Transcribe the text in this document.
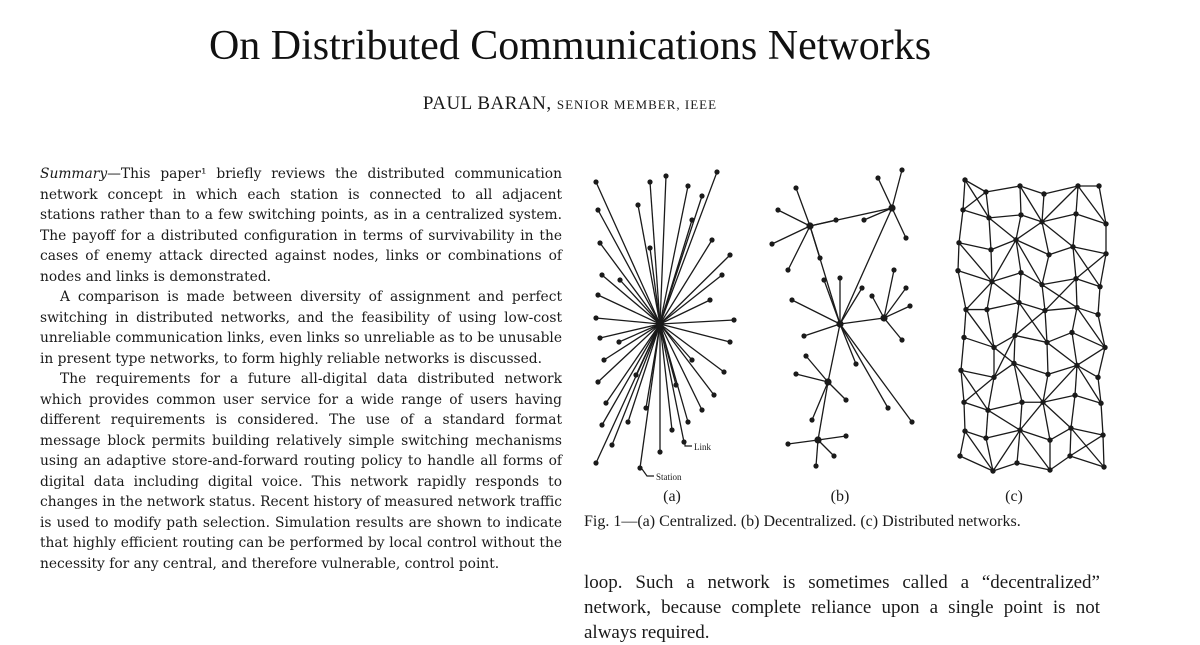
On Distributed Communications Networks
PAUL BARAN, SENIOR MEMBER, IEEE

Summary—This paper¹ briefly reviews the distributed communication network concept in which each station is connected to all adjacent stations rather than to a few switching points, as in a centralized system. The payoff for a distributed configuration in terms of survivability in the cases of enemy attack directed against nodes, links or combinations of nodes and links is demonstrated.

A comparison is made between diversity of assignment and perfect switching in distributed networks, and the feasibility of using low-cost unreliable communication links, even links so unreliable as to be unusable in present type networks, to form highly reliable networks is discussed.

The requirements for a future all-digital data distributed network which provides common user service for a wide range of users having different requirements is considered. The use of a standard format message block permits building relatively simple switching mechanisms using an adaptive store-and-forward routing policy to handle all forms of digital data including digital voice. This network rapidly responds to changes in the network status. Recent history of measured network traffic is used to modify path selection. Simulation results are shown to indicate that highly efficient routing can be performed by local control without the necessity for any central, and therefore vulnerable, control point.

Link
Station
(a)	(b)	(c)
Fig. 1—(a) Centralized. (b) Decentralized. (c) Distributed networks.
loop. Such a network is sometimes called a “decentralized” network, because complete reliance upon a single point is not always required.
